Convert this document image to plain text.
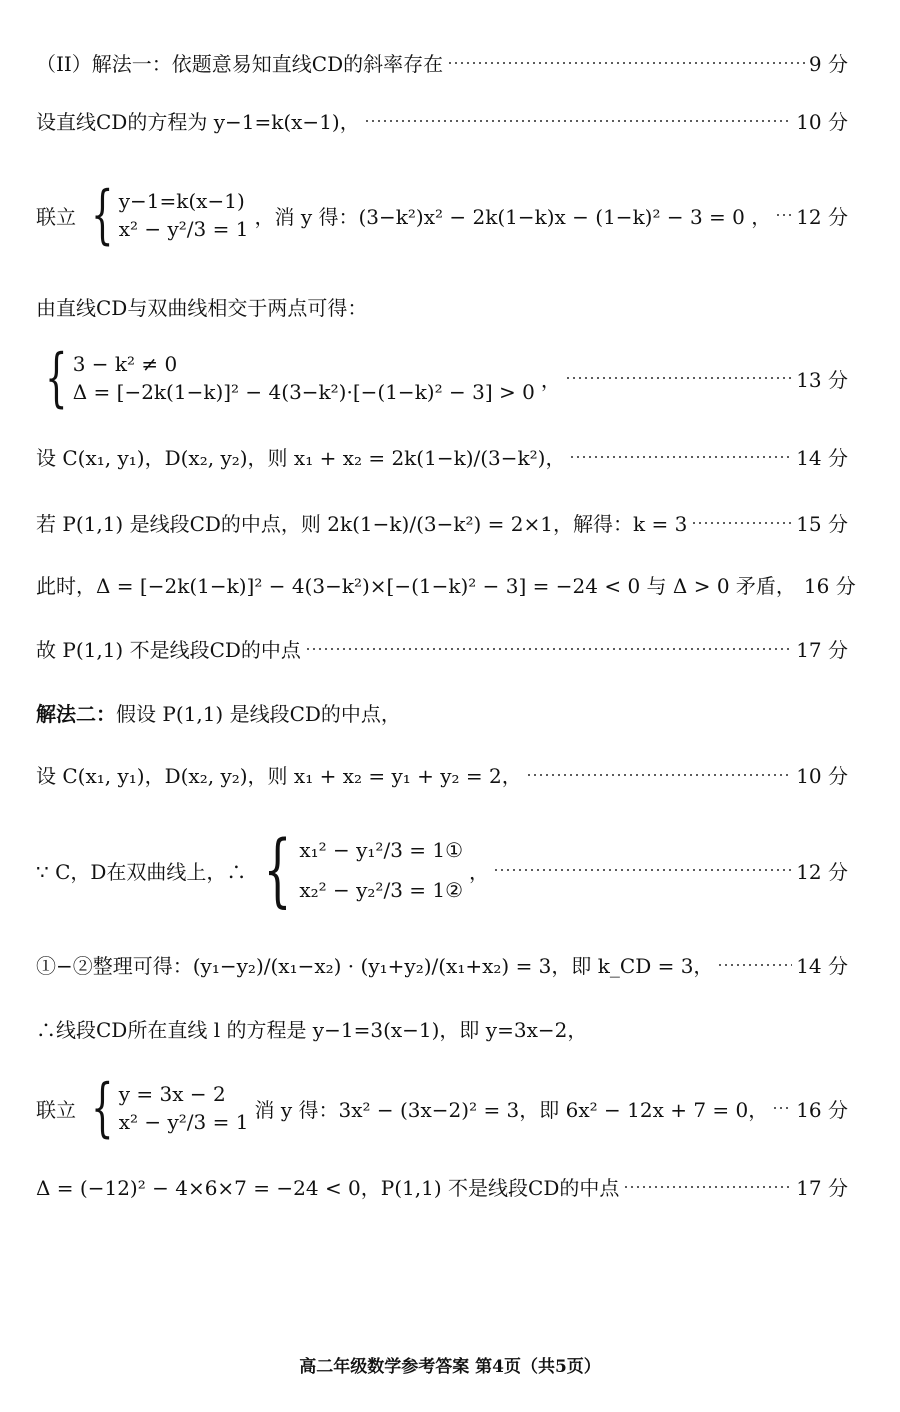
（II）解法一：依题意易知直线CD的斜率存在	9 分
设直线CD的方程为 y−1=k(x−1)，	10 分
联立 { y−1=k(x−1)
x² − y²/3 = 1
，消 y 得：(3−k²)x² − 2k(1−k)x − (1−k)² − 3 = 0 ， 12 分
由直线CD与双曲线相交于两点可得：
{ 3 − k² ≠ 0
Δ = [−2k(1−k)]² − 4(3−k²)·[−(1−k)² − 3] > 0
，	13 分
设 C(x₁, y₁)，D(x₂, y₂)，则 x₁ + x₂ = 2k(1−k)/(3−k²)，	14 分
若 P(1,1) 是线段CD的中点，则 2k(1−k)/(3−k²) = 2×1，解得：k = 3	15 分
此时，Δ = [−2k(1−k)]² − 4(3−k²)×[−(1−k)² − 3] = −24 < 0 与 Δ > 0 矛盾， 16 分
故 P(1,1) 不是线段CD的中点	17 分
解法二： 假设 P(1,1) 是线段CD的中点，
设 C(x₁, y₁)，D(x₂, y₂)，则 x₁ + x₂ = y₁ + y₂ = 2，	10 分
∵ C，D在双曲线上，∴ { x₁² − y₁²/3 = 1①
x₂² − y₂²/3 = 1②
，	12 分
①−②整理可得：(y₁−y₂)/(x₁−x₂) · (y₁+y₂)/(x₁+x₂) = 3，即 k_CD = 3，	14 分
∴线段CD所在直线 l 的方程是 y−1=3(x−1)，即 y=3x−2，
联立 { y = 3x − 2
x² − y²/3 = 1
消 y 得：3x² − (3x−2)² = 3，即 6x² − 12x + 7 = 0， 16 分
Δ = (−12)² − 4×6×7 = −24 < 0，P(1,1) 不是线段CD的中点	17 分
高二年级数学参考答案 第4页（共5页）
